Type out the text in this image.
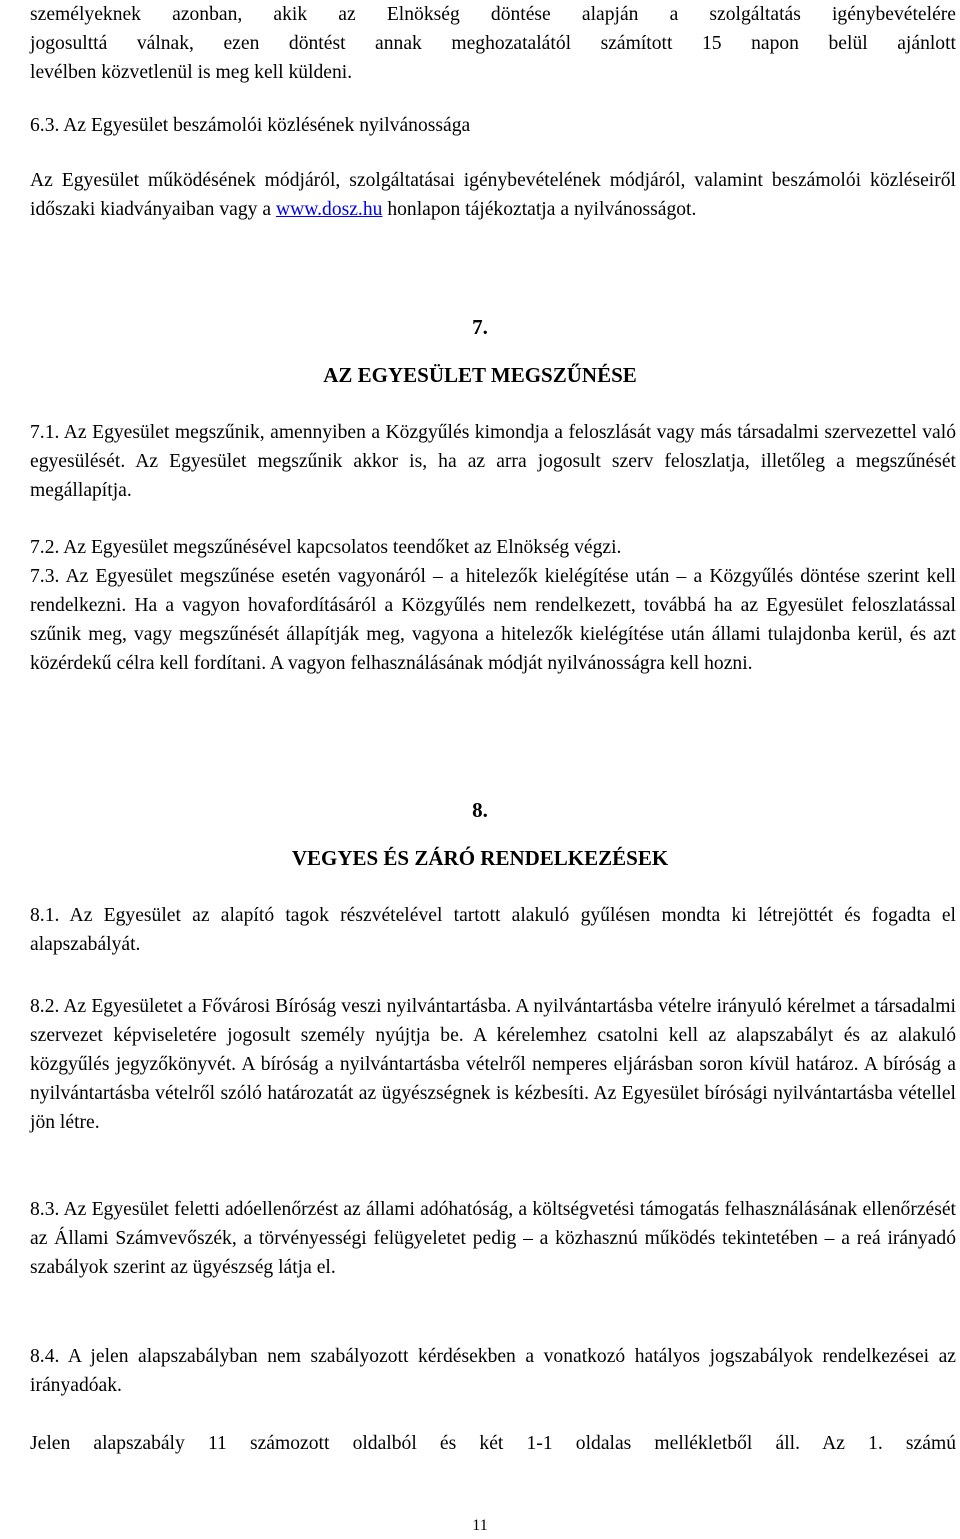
személyeknek azonban, akik az Elnökség döntése alapján a szolgáltatás igénybevételére

jogosulttá válnak, ezen döntést annak meghozatalától számított 15 napon belül ajánlott

levélben közvetlenül is meg kell küldeni.

6.3. Az Egyesület beszámolói közlésének nyilvánossága

Az Egyesület működésének módjáról, szolgáltatásai igénybevételének módjáról, valamint beszámolói közléseiről időszaki kiadványaiban vagy a www.dosz.hu honlapon tájékoztatja a nyilvánosságot.

7.

AZ EGYESÜLET MEGSZŰNÉSE

7.1. Az Egyesület megszűnik, amennyiben a Közgyűlés kimondja a feloszlását vagy más társadalmi szervezettel való egyesülését. Az Egyesület megszűnik akkor is, ha az arra jogosult szerv feloszlatja, illetőleg a megszűnését megállapítja.

7.2. Az Egyesület megszűnésével kapcsolatos teendőket az Elnökség végzi.

7.3. Az Egyesület megszűnése esetén vagyonáról – a hitelezők kielégítése után – a Közgyűlés döntése szerint kell rendelkezni. Ha a vagyon hovafordításáról a Közgyűlés nem rendelkezett, továbbá ha az Egyesület feloszlatással szűnik meg, vagy megszűnését állapítják meg, vagyona a hitelezők kielégítése után állami tulajdonba kerül, és azt közérdekű célra kell fordítani. A vagyon felhasználásának módját nyilvánosságra kell hozni.

8.

VEGYES ÉS ZÁRÓ RENDELKEZÉSEK

8.1. Az Egyesület az alapító tagok részvételével tartott alakuló gyűlésen mondta ki létrejöttét és fogadta el alapszabályát.

8.2. Az Egyesületet a Fővárosi Bíróság veszi nyilvántartásba. A nyilvántartásba vételre irányuló kérelmet a társadalmi szervezet képviseletére jogosult személy nyújtja be. A kérelemhez csatolni kell az alapszabályt és az alakuló közgyűlés jegyzőkönyvét. A bíróság a nyilvántartásba vételről nemperes eljárásban soron kívül határoz. A bíróság a nyilvántartásba vételről szóló határozatát az ügyészségnek is kézbesíti. Az Egyesület bírósági nyilvántartásba vétellel jön létre.

8.3. Az Egyesület feletti adóellenőrzést az állami adóhatóság, a költségvetési támogatás felhasználásának ellenőrzését az Állami Számvevőszék, a törvényességi felügyeletet pedig – a közhasznú működés tekintetében – a reá irányadó szabályok szerint az ügyészség látja el.

8.4. A jelen alapszabályban nem szabályozott kérdésekben a vonatkozó hatályos jogszabályok rendelkezései az irányadóak.

Jelen alapszabály 11 számozott oldalból és két 1-1 oldalas mellékletből áll. Az 1. számú

11
